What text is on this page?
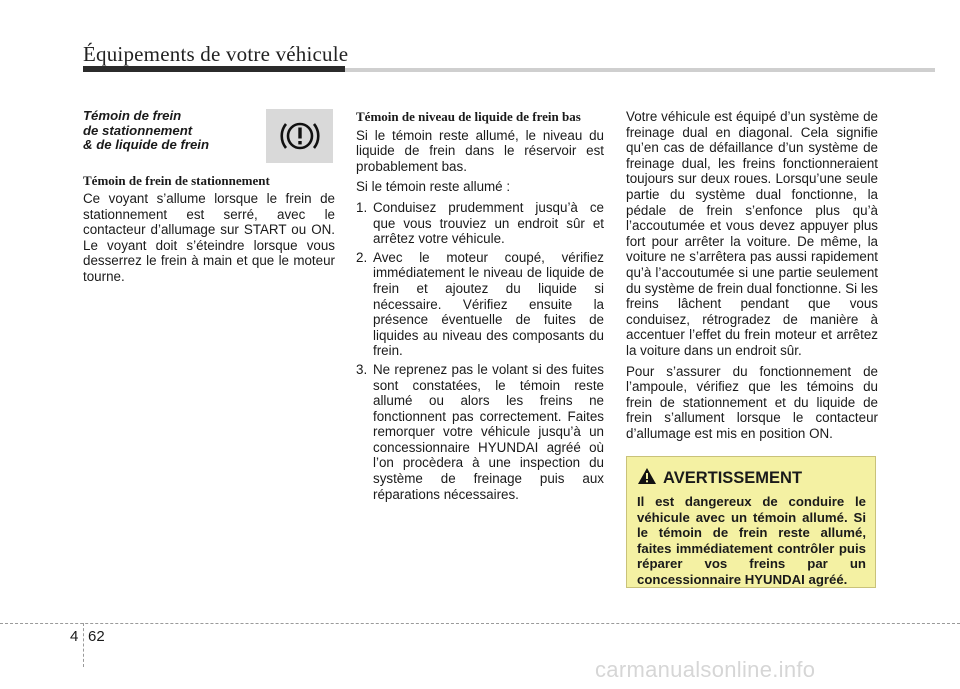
Équipements de votre véhicule
Témoin de frein
de stationnement
& de liquide de frein

Témoin de frein de stationnement

Ce voyant s’allume lorsque le frein de stationnement est serré, avec le contacteur d’allumage sur START ou ON. Le voyant doit s’éteindre lorsque vous desserrez le frein à main et que le moteur tourne.

Témoin de niveau de liquide de frein bas

Si le témoin reste allumé, le niveau du liquide de frein dans le réservoir est probablement bas.

Si le témoin reste allumé :

1. Conduisez prudemment jusqu’à ce que vous trouviez un endroit sûr et arrêtez votre véhicule.
2. Avec le moteur coupé, vérifiez immédiatement le niveau de liquide de frein et ajoutez du liquide si nécessaire. Vérifiez ensuite la présence éventuelle de fuites de liquides au niveau des composants du frein.
3. Ne reprenez pas le volant si des fuites sont constatées, le témoin reste allumé ou alors les freins ne fonctionnent pas correctement. Faites remorquer votre véhicule jusqu’à un concessionnaire HYUNDAI agréé où l’on procèdera à une inspection du système de freinage puis aux réparations nécessaires.

Votre véhicule est équipé d’un système de freinage dual en diagonal. Cela signifie qu’en cas de défaillance d’un système de freinage dual, les freins fonctionneraient toujours sur deux roues. Lorsqu’une seule partie du système dual fonctionne, la pédale de frein s’enfonce plus qu’à l’accoutumée et vous devez appuyer plus fort pour arrêter la voiture. De même, la voiture ne s’arrêtera pas aussi rapidement qu’à l’accoutumée si une partie seulement du système de frein dual fonctionne. Si les freins lâchent pendant que vous conduisez, rétrogradez de manière à accentuer l’effet du frein moteur et arrêtez la voiture dans un endroit sûr.

Pour s’assurer du fonctionnement de l’ampoule, vérifiez que les témoins du frein de stationnement et du liquide de frein s’allument lorsque le contacteur d’allumage est mis en position ON.

AVERTISSEMENT
Il est dangereux de conduire le véhicule avec un témoin allumé. Si le témoin de frein reste allumé, faites immédiatement contrôler puis réparer vos freins par un concessionnaire HYUNDAI agréé.
4 62
carmanualsonline.info
